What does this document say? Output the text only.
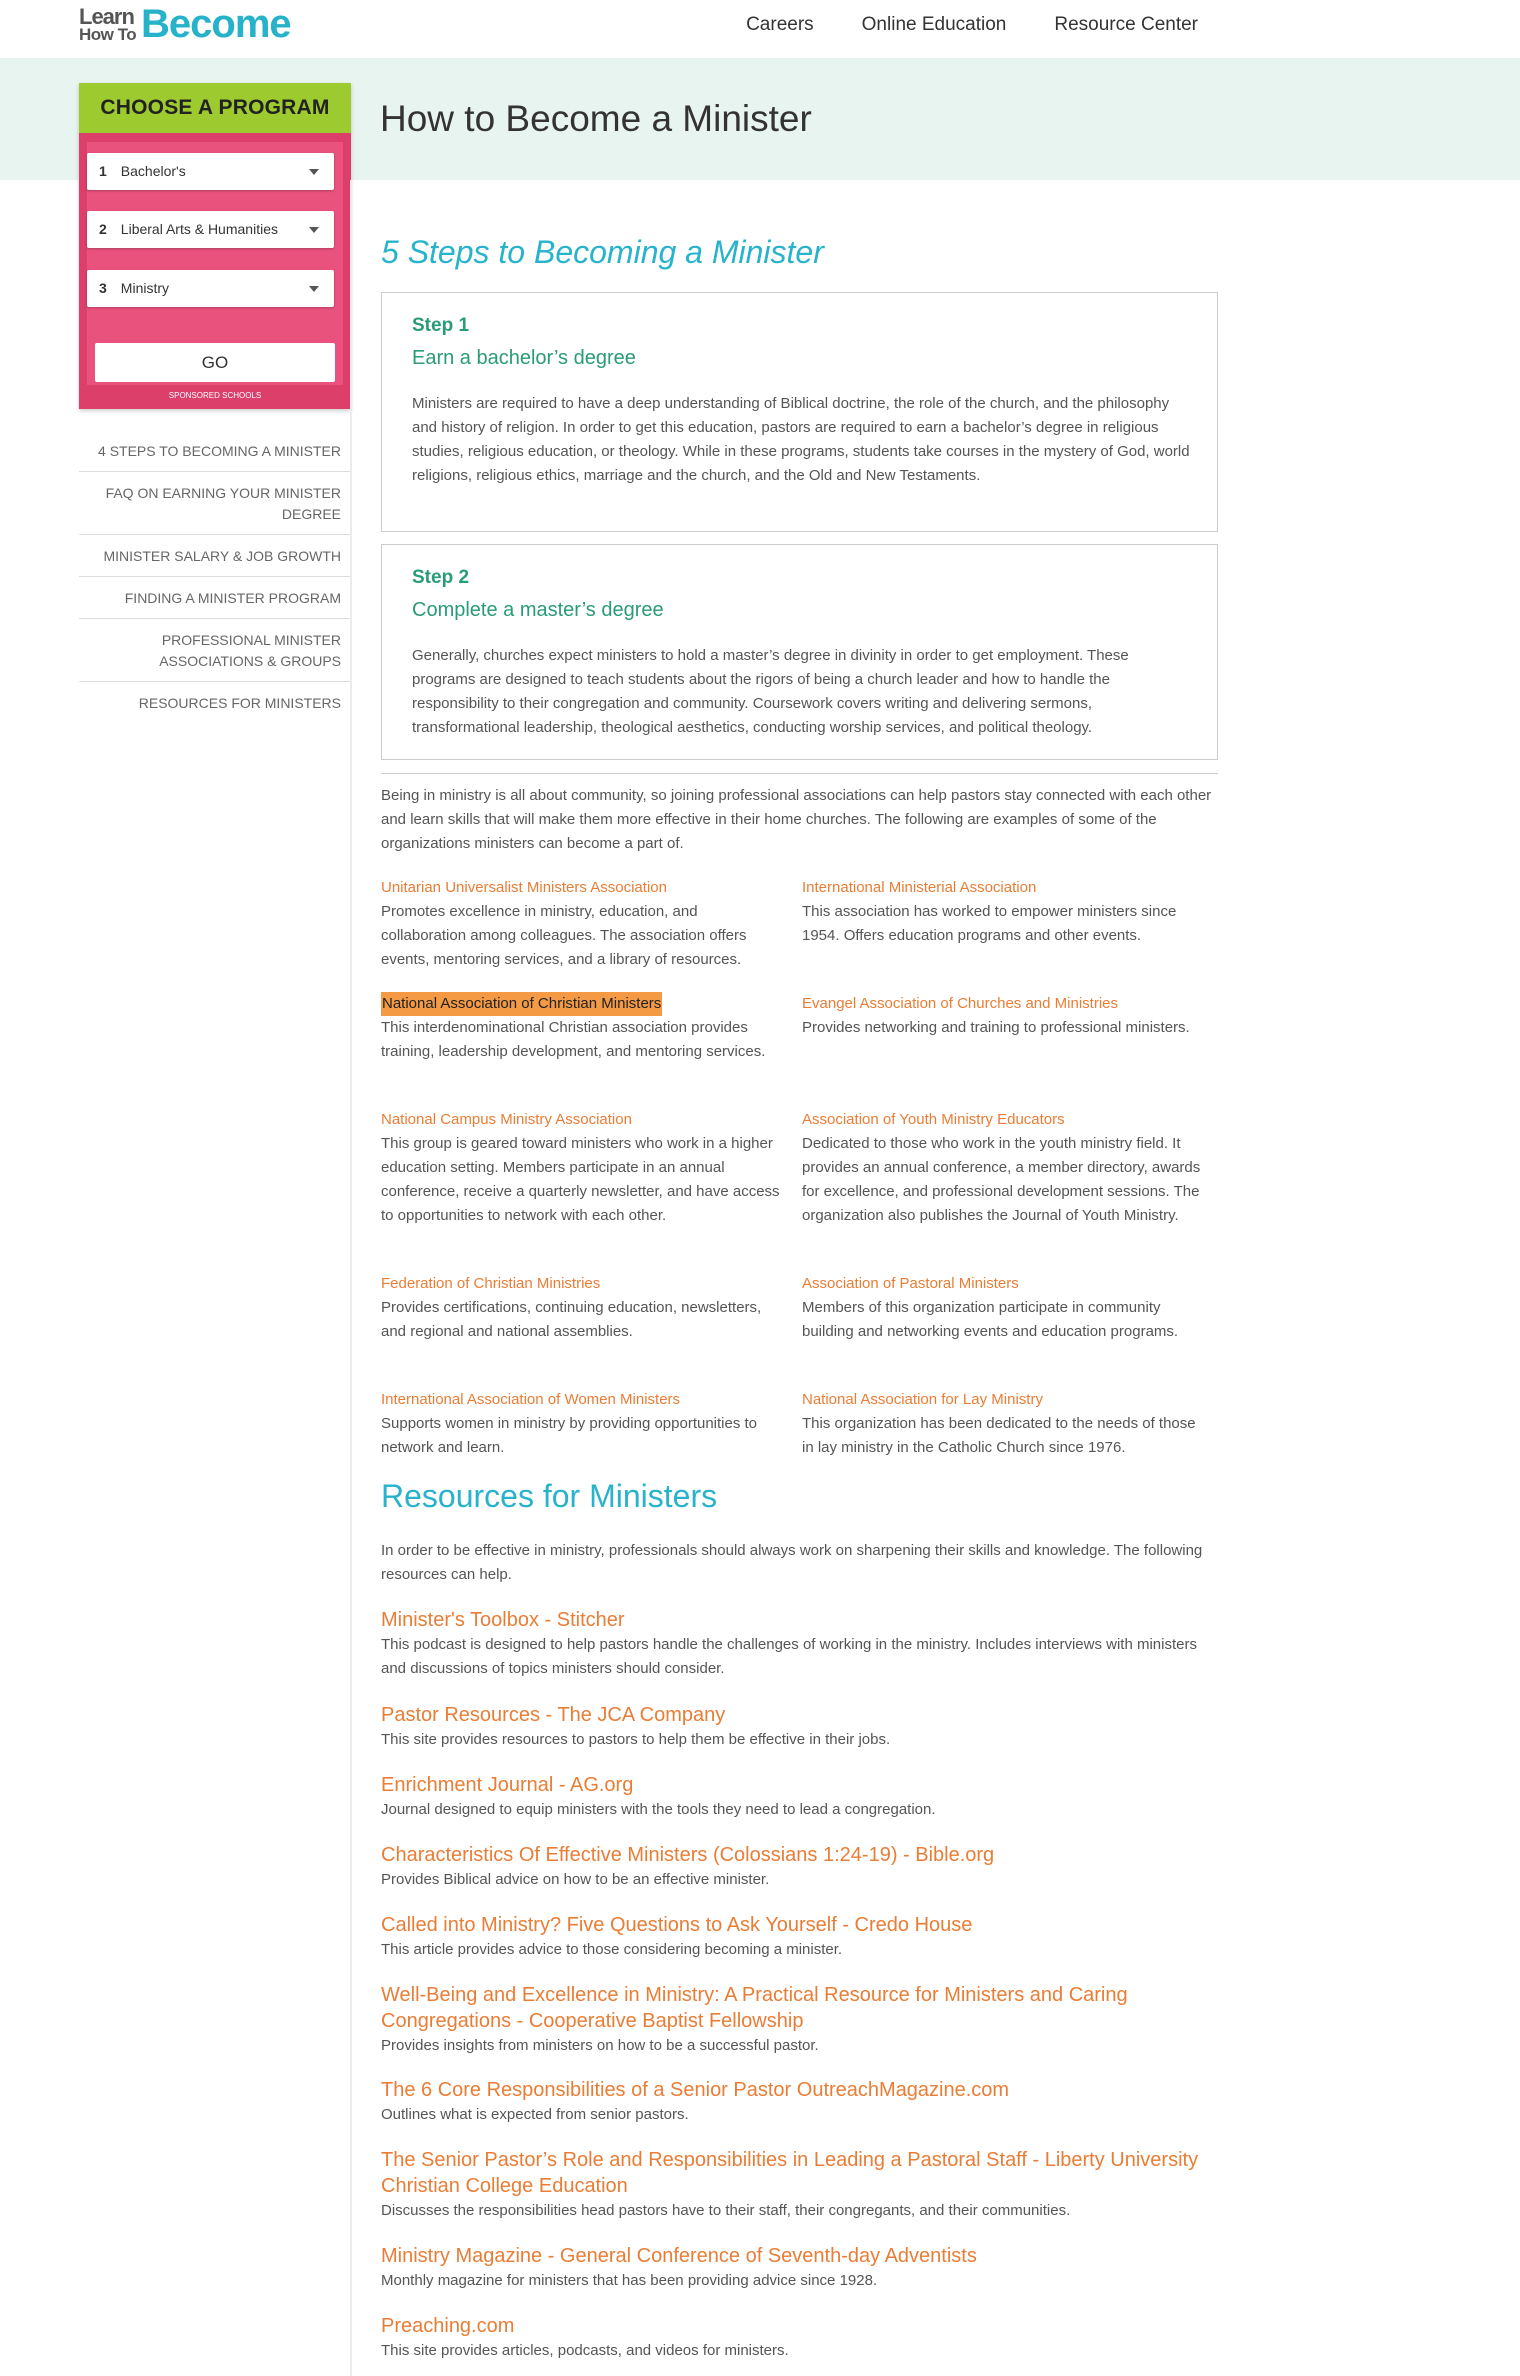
Learn
How To Become	Careers	Online Education	Resource Center
How to Become a Minister
CHOOSE A PROGRAM
1 Bachelor's
2 Liberal Arts & Humanities
3 Ministry
GO
SPONSORED SCHOOLS
4 STEPS TO BECOMING A MINISTER
FAQ ON EARNING YOUR MINISTER DEGREE
MINISTER SALARY & JOB GROWTH
FINDING A MINISTER PROGRAM
PROFESSIONAL MINISTER ASSOCIATIONS & GROUPS
RESOURCES FOR MINISTERS
5 Steps to Becoming a Minister
Step 1
Earn a bachelor’s degree
Ministers are required to have a deep understanding of Biblical doctrine, the role of the church, and the philosophy and history of religion. In order to get this education, pastors are required to earn a bachelor’s degree in religious studies, religious education, or theology. While in these programs, students take courses in the mystery of God, world religions, religious ethics, marriage and the church, and the Old and New Testaments.
Step 2
Complete a master’s degree
Generally, churches expect ministers to hold a master’s degree in divinity in order to get employment. These programs are designed to teach students about the rigors of being a church leader and how to handle the responsibility to their congregation and community. Coursework covers writing and delivering sermons, transformational leadership, theological aesthetics, conducting worship services, and political theology.
Being in ministry is all about community, so joining professional associations can help pastors stay connected with each other and learn skills that will make them more effective in their home churches. The following are examples of some of the organizations ministers can become a part of.
Unitarian Universalist Ministers Association
Promotes excellence in ministry, education, and collaboration among colleagues. The association offers events, mentoring services, and a library of resources.
International Ministerial Association
This association has worked to empower ministers since 1954. Offers education programs and other events.
National Association of Christian Ministers
This interdenominational Christian association provides training, leadership development, and mentoring services.
Evangel Association of Churches and Ministries
Provides networking and training to professional ministers.
National Campus Ministry Association
This group is geared toward ministers who work in a higher education setting. Members participate in an annual conference, receive a quarterly newsletter, and have access to opportunities to network with each other.
Association of Youth Ministry Educators
Dedicated to those who work in the youth ministry field. It provides an annual conference, a member directory, awards for excellence, and professional development sessions. The organization also publishes the Journal of Youth Ministry.
Federation of Christian Ministries
Provides certifications, continuing education, newsletters, and regional and national assemblies.
Association of Pastoral Ministers
Members of this organization participate in community building and networking events and education programs.
International Association of Women Ministers
Supports women in ministry by providing opportunities to network and learn.
National Association for Lay Ministry
This organization has been dedicated to the needs of those in lay ministry in the Catholic Church since 1976.
Resources for Ministers
In order to be effective in ministry, professionals should always work on sharpening their skills and knowledge. The following resources can help.
Minister's Toolbox - Stitcher
This podcast is designed to help pastors handle the challenges of working in the ministry. Includes interviews with ministers and discussions of topics ministers should consider.
Pastor Resources - The JCA Company
This site provides resources to pastors to help them be effective in their jobs.
Enrichment Journal - AG.org
Journal designed to equip ministers with the tools they need to lead a congregation.
Characteristics Of Effective Ministers (Colossians 1:24-19) - Bible.org
Provides Biblical advice on how to be an effective minister.
Called into Ministry? Five Questions to Ask Yourself - Credo House
This article provides advice to those considering becoming a minister.
Well-Being and Excellence in Ministry: A Practical Resource for Ministers and Caring Congregations - Cooperative Baptist Fellowship
Provides insights from ministers on how to be a successful pastor.
The 6 Core Responsibilities of a Senior Pastor OutreachMagazine.com
Outlines what is expected from senior pastors.
The Senior Pastor’s Role and Responsibilities in Leading a Pastoral Staff - Liberty University Christian College Education
Discusses the responsibilities head pastors have to their staff, their congregants, and their communities.
Ministry Magazine - General Conference of Seventh-day Adventists
Monthly magazine for ministers that has been providing advice since 1928.
Preaching.com
This site provides articles, podcasts, and videos for ministers.
